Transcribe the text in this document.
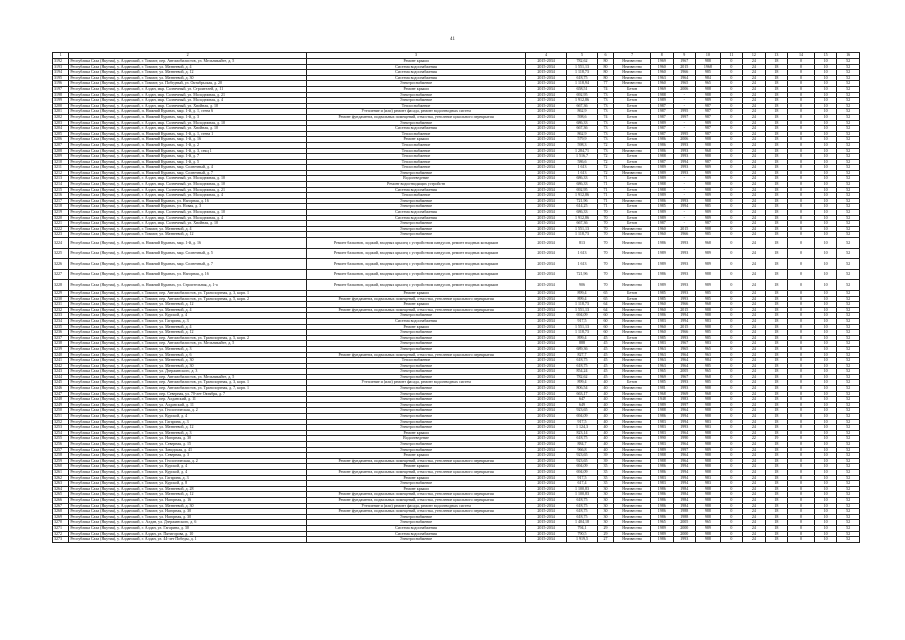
41
1	2	3	4	5	6	7	8	9	10	11	12	13	14	15	16
3192	Республика Саха (Якутия), у. Алданский, г. Томмот, пер. Автомобилистов, ул. Мельникайте, д. 5	Ремонт крыши	2015-2034	782,62	80	Неизвестно	1969	1967	988	0	24	18	0	10	52
3193	Республика Саха (Якутия), у. Алданский, г. Томмот, ул. Матвеевой, д. 4	Система водоснабжения	2015-2034	1 551,13	80	Неизвестно	1960	2015	1968	0	24	18	0	10	52
3194	Республика Саха (Якутия), у. Алданский, г. Томмот, ул. Матвеевой, д. 12	Система водоснабжения	2015-2034	1 118,73	80	Неизвестно	1960	1966	985	0	24	18	0	10	52
3195	Республика Саха (Якутия), у. Алданский, г. Томмот, ул. Матвеевой, д. 30	Система водоснабжения	2015-2034	618,75	80	Неизвестно	1963	1964	984	0	24	18	0	10	52
3196	Республика Саха (Якутия), у. Алданский, г. Томмот, ул. Победный, ул. Октябрьская, д. 20	Электроснабжение	2015-2034	1 118,94	77	Неизвестно	1960	1965	965	0	24	18	0	10	52
3197	Республика Саха (Якутия), у. Алданский, г. Алдан, мкр. Солнечный, ул. Строителей, д. 11	Ремонт крыши	2015-2034	658,51	74	Бетон	1969	2006	988	0	24	18	0	10	52
3198	Республика Саха (Якутия), у. Алданский, г. Алдан, мкр. Солнечный, ул. Молодежная, д. 21	Электроснабжение	2015-2034	692,95	73	Бетон	1988	-	988	0	24	18	0	10	52
3199	Республика Саха (Якутия), у. Алданский, г. Алдан, мкр. Солнечный, ул. Молодежная, д. 4	Электроснабжение	2015-2034	1 912,86	73	Бетон	1989	-	989	0	24	18	0	10	52
3200	Республика Саха (Якутия), у. Алданский, г. Алдан, мкр. Солнечный, ул. Хвойная, д. 10	Теплоснабжение	2015-2034	667,36	73	Бетон	1987	-	987	0	24	18	0	10	52
3201	Республика Саха (Якутия), у. Алданский, п. Нижний Куранах, мкр. 1-й, д. 1, стена 6	Утепление и (или) ремонт фасада, ремонт водоотводных систем	2015-2034	862,9	73	Бетон	1987	1995	987	0	24	18	0	10	52
3202	Республика Саха (Якутия), у. Алданский, п. Нижний Куранах, мкр. 1-й, д. 3	Ремонт фундамента, подвальных помещений, отмостка, утепление цокольного перекрытия	2015-2034	598,6	74	Бетон	1987	1997	987	0	24	18	0	10	52
3203	Республика Саха (Якутия), у. Алданский, г. Алдан, мкр. Солнечный, ул. Молодежная, д. 10	Электроснабжение	2015-2034	686,33	73	Бетон	1989	-	989	0	24	18	0	10	52
3204	Республика Саха (Якутия), у. Алданский, г. Алдан, мкр. Солнечный, ул. Хвойная, д. 10	Система водоснабжения	2015-2034	667,36	73	Бетон	1987	-	987	0	24	18	0	10	52
3205	Республика Саха (Якутия), у. Алданский, п. Нижний Куранах, мкр. 1-й, д. 1, стена 1	Теплоснабжение	2015-2034	862,9	73	Бетон	1987	1995	987	0	24	18	0	10	52
3206	Республика Саха (Якутия), у. Алданский, п. Нижний Куранах, мкр. 1-й, д. 16	Ремонт крыши	2015-2034	579,9	73	Бетон	1986	2006	988	0	24	18	0	10	52
3207	Республика Саха (Якутия), у. Алданский, п. Нижний Куранах, мкр. 1-й, д. 2	Теплоснабжение	2015-2034	598,3	72	Бетон	1986	1993	988	0	24	18	0	10	52
3208	Республика Саха (Якутия), у. Алданский, п. Нижний Куранах, мкр. 1-й, д. 3, секц 1	Теплоснабжение	2015-2034	1 284,71	73	Неизвестно	1986	1993	968	0	24	18	0	10	52
3209	Республика Саха (Якутия), у. Алданский, п. Нижний Куранах, мкр. 1-й, д. 7	Теплоснабжение	2015-2034	1 516,7	72	Бетон	1988	1993	988	0	24	18	0	10	52
3210	Республика Саха (Якутия), у. Алданский, п. Нижний Куранах, мкр. 1-й, д. 5	Теплоснабжение	2015-2034	586,6	72	Бетон	1987	1994	987	0	24	18	0	10	52
3211	Республика Саха (Якутия), у. Алданский, п. Нижний Куранах, мкр. Солнечный, д. 4	Теплоснабжение	2015-2034	1 613	72	Неизвестно	1989	1993	989	0	24	18	0	10	52
3212	Республика Саха (Якутия), у. Алданский, п. Нижний Куранах, мкр. Солнечный, д. 7	Электроснабжение	2015-2034	1 613	72	Неизвестно	1989	1993	989	0	24	18	0	10	52
3213	Республика Саха (Якутия), у. Алданский, г. Алдан, мкр. Солнечный, ул. Молодежная, д. 10	Водоотведение	2015-2034	686,33	71	Бетон	1989	-	989	0	24	18	0	10	52
3214	Республика Саха (Якутия), у. Алданский, г. Алдан, мкр. Солнечный, ул. Молодежная, д. 10	Ремонт водоотводящих устройств	2015-2034	686,33	71	Бетон	1988	-	988	0	24	18	0	10	52
3215	Республика Саха (Якутия), у. Алданский, г. Алдан, мкр. Солнечный, ул. Молодежная, д. 21	Система водоснабжения	2015-2034	692,95	71	Бетон	1988	-	988	0	24	18	0	10	52
3216	Республика Саха (Якутия), у. Алданский, г. Алдан, мкр. Солнечный, ул. Молодежная, д. 4	Теплоснабжение	2015-2034	1 912,86	71	Бетон	1989	-	989	0	24	18	0	10	52
3217	Республика Саха (Якутия), у. Алданский, п. Нижний Куранах, ул. Нагорная, д. 16	Электроснабжение	2015-2034	721,96	71	Неизвестно	1986	1993	988	0	24	18	0	10	52
3218	Республика Саха (Якутия), у. Алданский, п. Нижний Куранах, ул. Новая, д. 3	Электроснабжение	2015-2034	614,25	71	Бетон	1985	1994	985	0	24	18	0	10	52
3219	Республика Саха (Якутия), у. Алданский, г. Алдан, мкр. Солнечный, ул. Молодежная, д. 10	Система водоснабжения	2015-2034	686,33	70	Бетон	1989	-	989	0	24	18	0	10	52
3220	Республика Саха (Якутия), у. Алданский, г. Алдан, мкр. Солнечный, ул. Молодежная, д. 4	Система водоснабжения	2015-2034	1 912,86	70	Бетон	1989	-	989	0	24	18	0	10	52
3221	Республика Саха (Якутия), у. Алданский, г. Алдан, мкр. Солнечный, ул. Хвойная, д. 10	Электроснабжение	2015-2034	667,36	70	Бетон	1987	-	987	0	24	18	0	10	52
3222	Республика Саха (Якутия), у. Алданский, г. Томмот, ул. Матвеевой, д. 4	Электроснабжение	2015-2034	1 551,13	70	Неизвестно	1960	2015	988	0	24	18	0	10	52
3223	Республика Саха (Якутия), у. Алданский, г. Томмот, ул. Матвеевой, д. 12	Электроснабжение	2015-2034	1 118,73	70	Неизвестно	1960	1966	985	0	24	18	0	10	52
3224	Республика Саха (Якутия), у. Алданский, п. Нижний Куранах, мкр. 1-й, д. 16	Ремонт балконов, лоджий, входных крылец с устройством пандусов, ремонт входных козырьков	2015-2034	813	70	Неизвестно	1986	1993	968	0	24	18	0	10	52
3225	Республика Саха (Якутия), у. Алданский, п. Нижний Куранах, мкр. Солнечный, д. 5	Ремонт балконов, лоджий, входных крылец с устройством пандусов, ремонт входных козырьков	2015-2034	1 613	70	Неизвестно	1989	1993	989	0	24	18	0	10	52
3226	Республика Саха (Якутия), у. Алданский, п. Нижний Куранах, мкр. Солнечный, д. 7	Ремонт балконов, лоджий, входных крылец с устройством пандусов, ремонт входных козырьков	2015-2034	1 613	70	Неизвестно	1989	1993	989	0	24	18	0	10	52
3227	Республика Саха (Якутия), у. Алданский, п. Нижний Куранах, ул. Нагорная, д. 16	Ремонт балконов, лоджий, входных крылец с устройством пандусов, ремонт входных козырьков	2015-2034	721,96	70	Неизвестно	1986	1993	988	0	24	18	0	10	52
3228	Республика Саха (Якутия), у. Алданский, п. Нижний Куранах, ул. Строительная, д. 1-а	Ремонт балконов, лоджий, входных крылец с устройством пандусов, ремонт входных козырьков	2015-2034	906	70	Неизвестно	1989	1993	989	0	24	18	0	10	52
3229	Республика Саха (Якутия), у. Алданский, г. Томмот, пер. Автомобилистов, ул. Транспортная, д. 3, корп. 1	Ремонт крыши	2015-2034	899,4	65	Бетон	1985	1993	985	0	24	18	0	10	52
3230	Республика Саха (Якутия), у. Алданский, г. Томмот, пер. Автомобилистов, ул. Транспортная, д. 5, корп. 2	Ремонт фундамента, подвальных помещений, отмостка, утепление цокольного перекрытия	2015-2034	899,4	65	Бетон	1985	1993	985	0	24	18	0	10	52
3231	Республика Саха (Якутия), у. Алданский, г. Томмот, ул. Матвеевой, д. 12	Ремонт крыши	2015-2034	1 118,73	64	Неизвестно	1960	1966	968	0	24	18	0	10	52
3232	Республика Саха (Якутия), у. Алданский, г. Томмот, ул. Матвеевой, д. 4	Ремонт фундамента, подвальных помещений, отмостка, утепление цокольного перекрытия	2015-2034	1 551,13	64	Неизвестно	1960	2015	988	0	24	18	0	10	52
3233	Республика Саха (Якутия), у. Алданский, г. Томмот, ул. Курской, д. 4	Электроснабжение	2015-2034	694,09	60	Неизвестно	1986	1994	988	0	24	18	0	10	52
3234	Республика Саха (Якутия), у. Алданский, г. Томмот, ул. Гагарина, д. 3	Система водоснабжения	2015-2034	917,5	60	Неизвестно	1983	1994	983	0	24	18	0	10	52
3235	Республика Саха (Якутия), у. Алданский, г. Томмот, ул. Матвеевой, д. 4	Ремонт крыши	2015-2034	1 551,13	60	Неизвестно	1960	2015	988	0	24	18	0	10	52
3236	Республика Саха (Якутия), у. Алданский, г. Томмот, ул. Матвеевой, д. 12	Электроснабжение	2015-2034	1 118,73	60	Неизвестно	1960	1966	985	0	24	18	0	10	52
3237	Республика Саха (Якутия), у. Алданский, г. Томмот, пер. Автомобилистов, ул. Транспортная, д. 5, корп. 2	Электроснабжение	2015-2034	899,4	45	Бетон	1985	1993	985	0	24	18	0	10	52
3238	Республика Саха (Якутия), у. Алданский, г. Томмот, пер. Автомобилистов, ул. Мельникайте, д. 5	Электроснабжение	2015-2034	888	45	Неизвестно	1983	1967	983	0	24	18	0	10	52
3239	Республика Саха (Якутия), у. Алданский, г. Томмот, ул. Матвеевой, д. 3	Электроснабжение	2015-2034	689,36	45	Неизвестно	1963	1965	965	0	24	18	0	10	52
3240	Республика Саха (Якутия), у. Алданский, г. Томмот, ул. Матвеевой, д. 6	Ремонт фундамента, подвальных помещений, отмостка, утепление цокольного перекрытия	2015-2034	827,7	45	Неизвестно	1963	1964	963	0	24	18	0	10	52
3241	Республика Саха (Якутия), у. Алданский, г. Томмот, ул. Матвеевой, д. 30	Теплоснабжение	2015-2034	618,75	45	Неизвестно	1963	1964	984	0	24	18	0	10	52
3242	Республика Саха (Якутия), у. Алданский, г. Томмот, ул. Матвеевой, д. 30	Электроснабжение	2015-2034	618,75	45	Неизвестно	1963	1964	985	0	24	18	0	10	52
3243	Республика Саха (Якутия), у. Алданский, г. Томмот, ул. Дзержинского, д. 3	Электроснабжение	2015-2034	854,24	45	Неизвестно	1965	2005	965	0	24	18	0	10	52
3244	Республика Саха (Якутия), у. Алданский, г. Томмот, пер. Автомобилистов, ул. Мельникайте, д. 5	Электроснабжение	2015-2034	782,62	45	Неизвестно	1969	1967	968	0	24	18	0	10	52
3245	Республика Саха (Якутия), у. Алданский, г. Томмот, пер. Автомобилистов, ул. Транспортная, д. 3, корп. 1	Утепление и (или) ремонт фасада, ремонт водоотводных систем	2015-2034	899,4	40	Бетон	1985	1993	985	0	24	18	0	10	52
3246	Республика Саха (Якутия), у. Алданский, г. Томмот, пер. Автомобилистов, ул. Транспортная, д. 7, корп. 1	Электроснабжение	2015-2034	806,54	40	Неизвестно	1981	1993	988	0	24	18	0	10	52
3247	Республика Саха (Якутия), у. Алданский, г. Томмот, пер. Северная, ул. 70-лет Октября, д. 7	Электроснабжение	2015-2034	663,17	40	Неизвестно	1968	1969	968	0	24	18	0	10	52
3248	Республика Саха (Якутия), у. Алданский, г. Томмот, пер. Алданский, д. 11	Электроснабжение	2015-2034	647	40	Неизвестно	1948	1983	988	0	24	18	0	10	52
3249	Республика Саха (Якутия), у. Алданский, г. Томмот, ул. Алданский, д. 11	Электроснабжение	2015-2034	649	40	Неизвестно	1989	1997	988	0	24	18	0	10	52
3250	Республика Саха (Якутия), у. Алданский, г. Томмот, ул. Геологическая, д. 2	Электроснабжение	2015-2034	923,65	40	Неизвестно	1988	1964	988	0	24	18	0	10	52
3251	Республика Саха (Якутия), у. Алданский, г. Томмот, ул. Курской, д. 4	Электроснабжение	2015-2034	694,09	40	Неизвестно	1986	1994	988	0	24	18	0	10	52
3252	Республика Саха (Якутия), у. Алданский, г. Томмот, ул. Гагарина, д. 3	Электроснабжение	2015-2034	917,5	40	Неизвестно	1983	1994	983	0	24	18	0	10	52
3253	Республика Саха (Якутия), у. Алданский, г. Томмот, ул. Матвеевой, д. 12	Электроснабжение	2015-2034	1 124,3	40	Неизвестно	1983	1993	983	0	24	18	0	10	52
3254	Республика Саха (Якутия), у. Алданский, г. Томмот, ул. Матвеевой, д. 3	Ремонт крыши	2015-2034	823,14	40	Неизвестно	1983	1964	988	0	24	18	0	10	52
3255	Республика Саха (Якутия), у. Алданский, г. Томмот, ул. Нагорная, д. 30	Водоотведение	2015-2034	618,75	40	Неизвестно	1990	1990	988	0	22	19	0	10	52
3256	Республика Саха (Якутия), у. Алданский, г. Томмот, ул. Северная, д. 15	Электроснабжение	2015-2034	884,7	40	Неизвестно	1983	1964	988	0	24	18	0	10	52
3257	Республика Саха (Якутия), у. Алданский, г. Томмот, ул. Заводская, д. 41	Электроснабжение	2015-2034	966,8	40	Неизвестно	1989	1997	989	0	24	18	0	10	52
3258	Республика Саха (Якутия), у. Алданский, г. Томмот, ул. Северная, д. 3	Ремонт крыши	2015-2034	923,65	39	Неизвестно	1988	1964	988	0	24	18	0	10	52
3259	Республика Саха (Якутия), у. Алданский, г. Томмот, ул. Геологическая, д. 2	Ремонт фундамента, подвальных помещений, отмостка, утепление цокольного перекрытия	2015-2034	923,65	39	Неизвестно	1988	1964	988	0	24	18	0	10	52
3260	Республика Саха (Якутия), у. Алданский, г. Томмот, ул. Курской, д. 4	Ремонт крыши	2015-2034	694,09	35	Неизвестно	1986	1994	988	0	24	18	0	10	52
3261	Республика Саха (Якутия), у. Алданский, г. Томмот, ул. Курской, д. 4	Ремонт фундамента, подвальных помещений, отмостка, утепление цокольного перекрытия	2015-2034	694,09	35	Неизвестно	1986	1994	988	0	24	18	0	10	52
3262	Республика Саха (Якутия), у. Алданский, г. Томмот, ул. Гагарина, д. 3	Ремонт крыши	2015-2034	917,5	35	Неизвестно	1983	1994	983	0	24	18	0	10	52
3263	Республика Саха (Якутия), у. Алданский, г. Томмот, ул. Курской, д. 8	Электроснабжение	2015-2034	617,4	35	Неизвестно	1983	1994	983	0	24	18	0	10	52
3264	Республика Саха (Якутия), у. Алданский, г. Томмот, ул. Матвеевой, д. 28	Ремонт крыши	2015-2034	1 100,83	30	Неизвестно	1986	1984	988	0	24	18	0	10	52
3265	Республика Саха (Якутия), у. Алданский, г. Томмот, ул. Матвеевой, д. 12	Ремонт фундамента, подвальных помещений, отмостка, утепление цокольного перекрытия	2015-2034	1 100,83	30	Неизвестно	1986	1984	988	0	24	18	0	10	52
3266	Республика Саха (Якутия), у. Алданский, г. Томмот, ул. Нагорная, д. 16	Ремонт фундамента, подвальных помещений, отмостка, утепление цокольного перекрытия	2015-2034	618,75	30	Неизвестно	1986	1984	988	0	24	18	0	10	52
3267	Республика Саха (Якутия), у. Алданский, г. Томмот, ул. Матвеевой, д. 30	Утепление и (или) ремонт фасада, ремонт водоотводных систем	2015-2034	618,75	30	Неизвестно	1986	1984	988	0	24	18	0	10	52
3268	Республика Саха (Якутия), у. Алданский, г. Томмот, ул. Нагорная, д. 30	Ремонт фундамента, подвальных помещений, отмостка, утепление цокольного перекрытия	2015-2034	618,75	30	Неизвестно	1986	1988	988	0	24	18	0	10	52
3269	Республика Саха (Якутия), у. Алданский, г. Томмот, ул. Нагорная, д. 30	Электроснабжение	2015-2034	618,75	30	Неизвестно	1986	1988	988	0	24	18	0	10	52
3270	Республика Саха (Якутия), у. Алданский, с. Алдан, ул. Дзержинского, д. 6	Электроснабжение	2015-2034	1 404,18	30	Неизвестно	1965	2005	965	0	24	18	0	10	52
3271	Республика Саха (Якутия), у. Алданский, г. Алдан, ул. Гагарина, д. 30	Система водоснабжения	2015-2034	794,1	29	Неизвестно	1989	2000	989	0	24	18	0	10	52
3272	Республика Саха (Якутия), у. Алданский, г. Алдан, ул. Пятигорова, д. 10	Система водоснабжения	2015-2034	790,5	29	Неизвестно	1989	2000	988	0	24	18	0	10	52
3273	Республика Саха (Якутия), у. Алданский, г. Алдан, ул. 44-лет Победы, д. 1	Электроснабжение	2015-2034	1 919,5	27	Неизвестно	1986	1993	988	0	24	18	0	10	52
